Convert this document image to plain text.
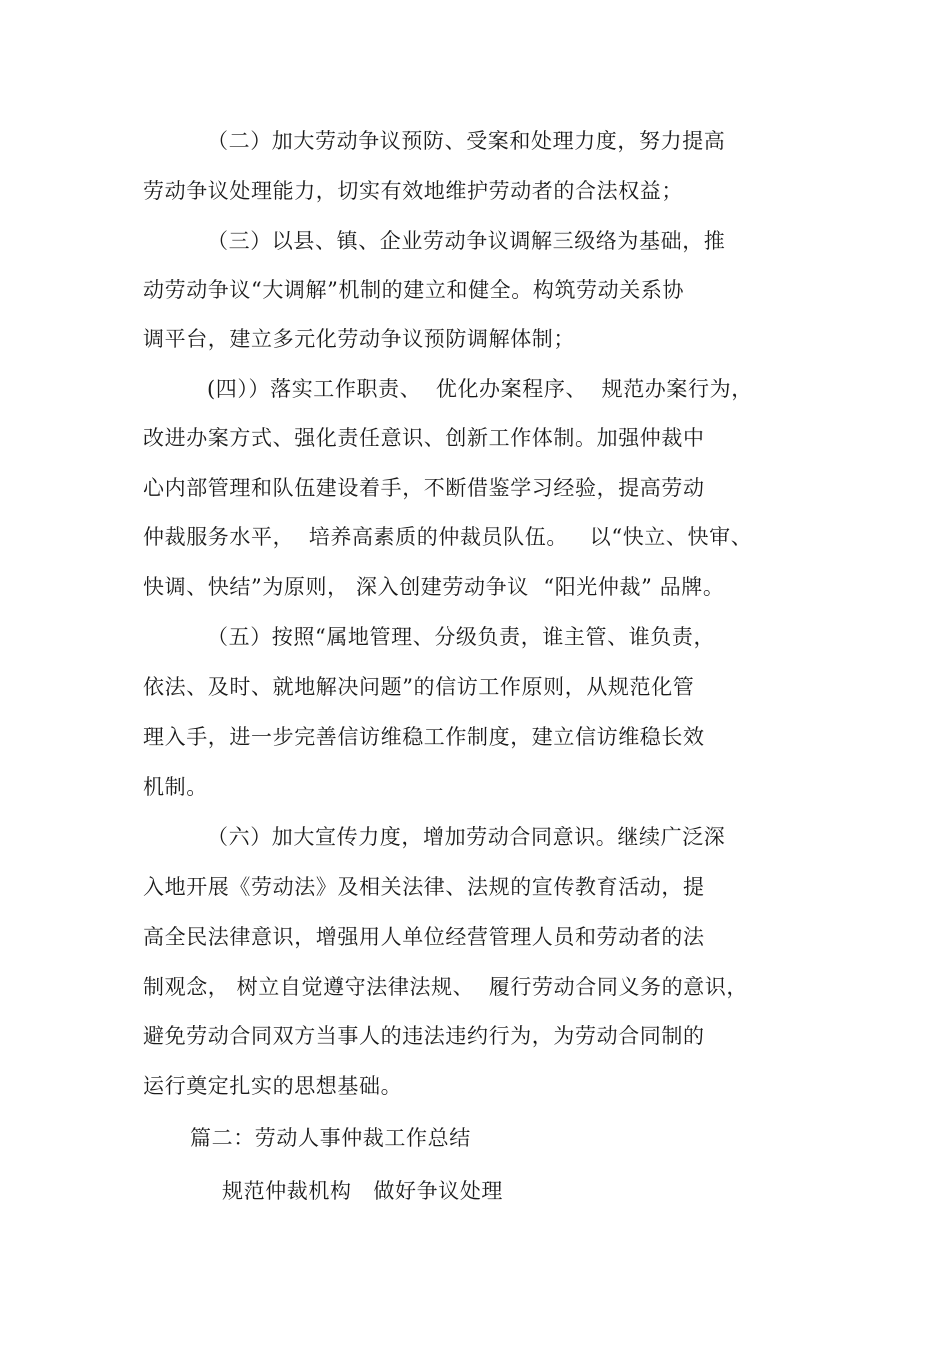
（二）加大劳动争议预防、受案和处理力度，努力提高
劳动争议处理能力，切实有效地维护劳动者的合法权益；
（三）以县、镇、企业劳动争议调解三级络为基础，推
动劳动争议“大调解”机制的建立和健全。构筑劳动关系协
调平台，建立多元化劳动争议预防调解体制；
(四））落实工作职责、  优化办案程序、  规范办案行为，
改进办案方式、强化责任意识、创新工作体制。加强仲裁中
心内部管理和队伍建设着手，不断借鉴学习经验，提高劳动
仲裁服务水平，  培养高素质的仲裁员队伍。   以“快立、快审、
快调、快结”为原则， 深入创建劳动争议  “阳光仲裁” 品牌。
（五）按照“属地管理、分级负责，谁主管、谁负责，
依法、及时、就地解决问题”的信访工作原则，从规范化管
理入手，进一步完善信访维稳工作制度，建立信访维稳长效
机制。
（六）加大宣传力度，增加劳动合同意识。继续广泛深
入地开展《劳动法》及相关法律、法规的宣传教育活动，提
高全民法律意识，增强用人单位经营管理人员和劳动者的法
制观念， 树立自觉遵守法律法规、  履行劳动合同义务的意识，
避免劳动合同双方当事人的违法违约行为，为劳动合同制的
运行奠定扎实的思想基础。
篇二：劳动人事仲裁工作总结
规范仲裁机构   做好争议处理
